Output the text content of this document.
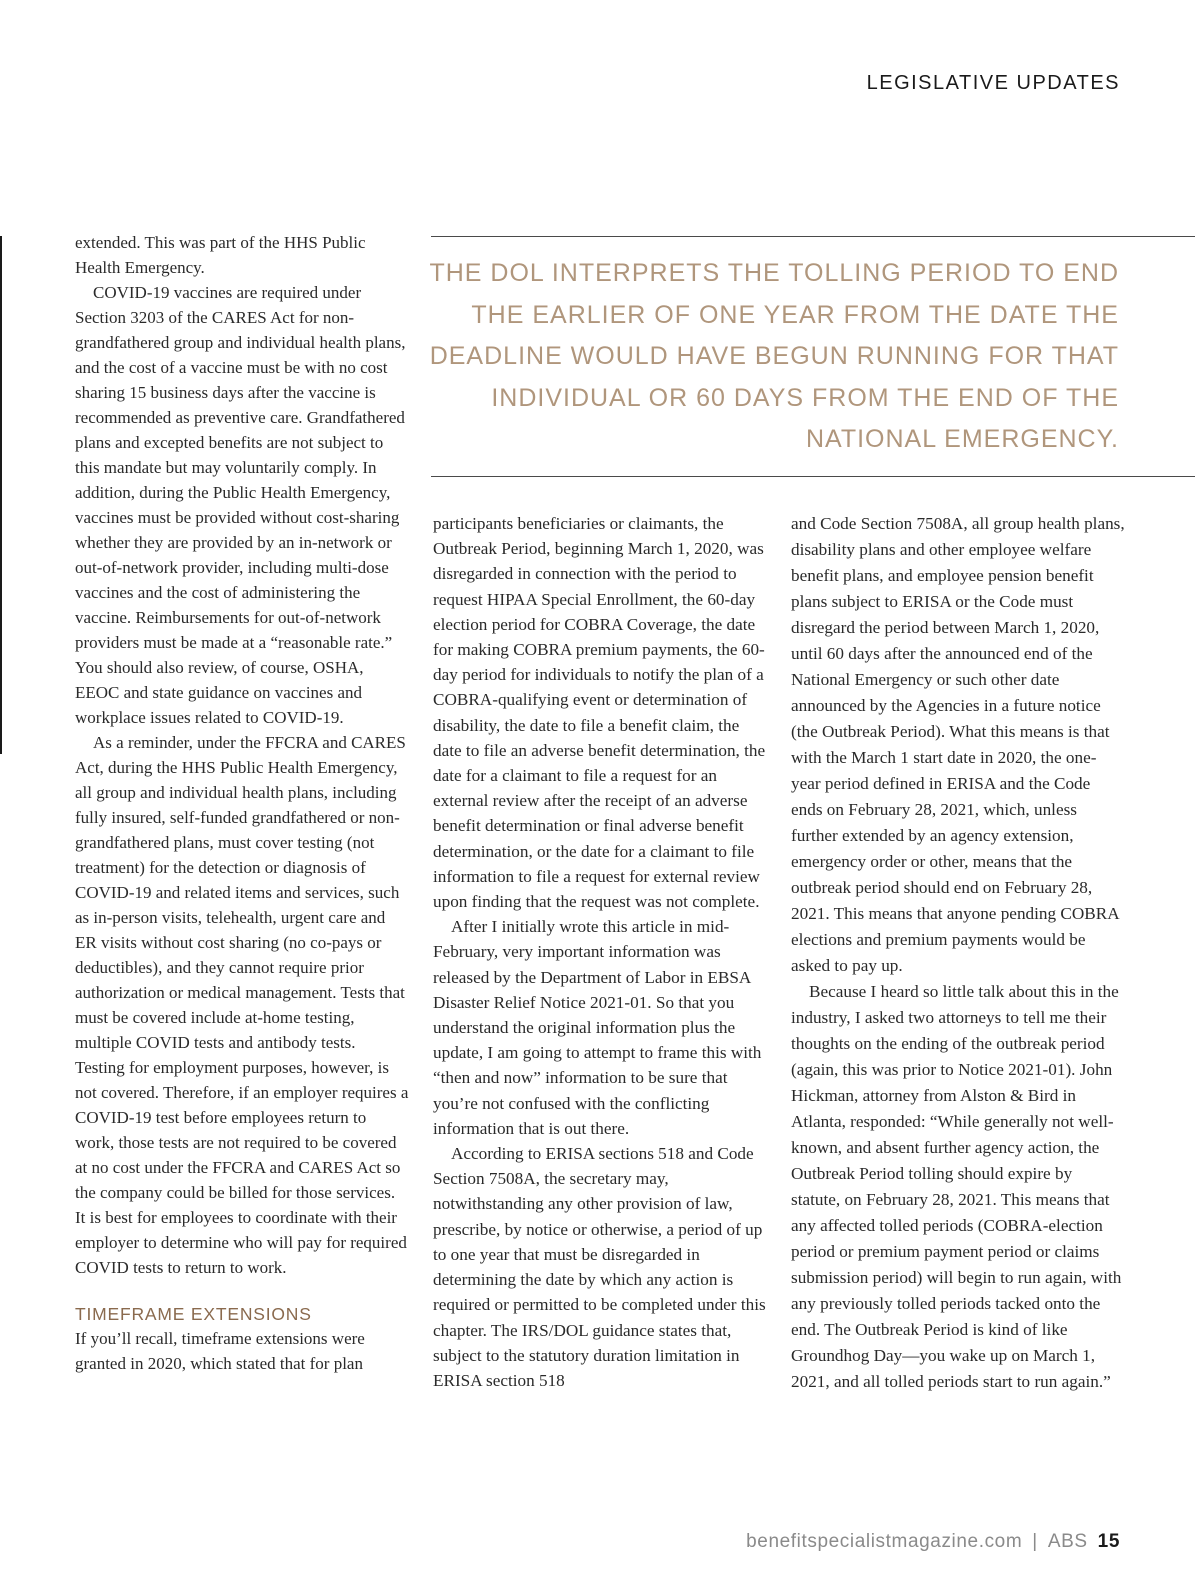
LEGISLATIVE UPDATES

extended. This was part of the HHS Public Health Emergency.

COVID-19 vaccines are required under Section 3203 of the CARES Act for non-grandfathered group and individual health plans, and the cost of a vaccine must be with no cost sharing 15 business days after the vaccine is recommended as preventive care. Grandfathered plans and excepted benefits are not subject to this mandate but may voluntarily comply. In addition, during the Public Health Emergency, vaccines must be provided without cost-sharing whether they are provided by an in-network or out-of-network provider, including multi-dose vaccines and the cost of administering the vaccine. Reimbursements for out-of-network providers must be made at a “reasonable rate.” You should also review, of course, OSHA, EEOC and state guidance on vaccines and workplace issues related to COVID-19.

As a reminder, under the FFCRA and CARES Act, during the HHS Public Health Emergency, all group and individual health plans, including fully insured, self-funded grandfathered or non-grandfathered plans, must cover testing (not treatment) for the detection or diagnosis of COVID-19 and related items and services, such as in-person visits, telehealth, urgent care and ER visits without cost sharing (no co-pays or deductibles), and they cannot require prior authorization or medical management. Tests that must be covered include at-home testing, multiple COVID tests and antibody tests. Testing for employment purposes, however, is not covered. Therefore, if an employer requires a COVID-19 test before employees return to work, those tests are not required to be covered at no cost under the FFCRA and CARES Act so the company could be billed for those services. It is best for employees to coordinate with their employer to determine who will pay for required COVID tests to return to work.

TIMEFRAME EXTENSIONS

If you’ll recall, timeframe extensions were granted in 2020, which stated that for plan

THE DOL INTERPRETS THE TOLLING PERIOD TO END THE EARLIER OF ONE YEAR FROM THE DATE THE DEADLINE WOULD HAVE BEGUN RUNNING FOR THAT INDIVIDUAL OR 60 DAYS FROM THE END OF THE NATIONAL EMERGENCY.

participants beneficiaries or claimants, the Outbreak Period, beginning March 1, 2020, was disregarded in connection with the period to request HIPAA Special Enrollment, the 60-day election period for COBRA Coverage, the date for making COBRA premium payments, the 60-day period for individuals to notify the plan of a COBRA-qualifying event or determination of disability, the date to file a benefit claim, the date to file an adverse benefit determination, the date for a claimant to file a request for an external review after the receipt of an adverse benefit determination or final adverse benefit determination, or the date for a claimant to file information to file a request for external review upon finding that the request was not complete.

After I initially wrote this article in mid-February, very important information was released by the Department of Labor in EBSA Disaster Relief Notice 2021-01. So that you understand the original information plus the update, I am going to attempt to frame this with “then and now” information to be sure that you’re not confused with the conflicting information that is out there.

According to ERISA sections 518 and Code Section 7508A, the secretary may, notwithstanding any other provision of law, prescribe, by notice or otherwise, a period of up to one year that must be disregarded in determining the date by which any action is required or permitted to be completed under this chapter. The IRS/DOL guidance states that, subject to the statutory duration limitation in ERISA section 518

and Code Section 7508A, all group health plans, disability plans and other employee welfare benefit plans, and employee pension benefit plans subject to ERISA or the Code must disregard the period between March 1, 2020, until 60 days after the announced end of the National Emergency or such other date announced by the Agencies in a future notice (the Outbreak Period). What this means is that with the March 1 start date in 2020, the one-year period defined in ERISA and the Code ends on February 28, 2021, which, unless further extended by an agency extension, emergency order or other, means that the outbreak period should end on February 28, 2021. This means that anyone pending COBRA elections and premium payments would be asked to pay up.

Because I heard so little talk about this in the industry, I asked two attorneys to tell me their thoughts on the ending of the outbreak period (again, this was prior to Notice 2021-01). John Hickman, attorney from Alston & Bird in Atlanta, responded: “While generally not well-known, and absent further agency action, the Outbreak Period tolling should expire by statute, on February 28, 2021. This means that any affected tolled periods (COBRA-election period or premium payment period or claims submission period) will begin to run again, with any previously tolled periods tacked onto the end. The Outbreak Period is kind of like Groundhog Day—you wake up on March 1, 2021, and all tolled periods start to run again.”

benefitspecialistmagazine.com | ABS 15
